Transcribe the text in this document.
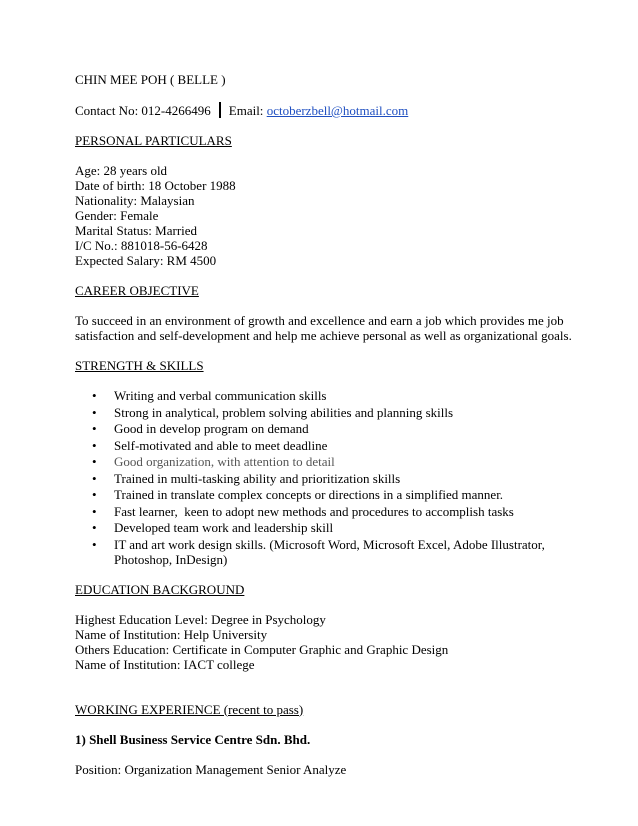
CHIN MEE POH ( BELLE )

Contact No: 012-4266496 Email: octoberzbell@hotmail.com

PERSONAL PARTICULARS

Age: 28 years old

Date of birth: 18 October 1988

Nationality: Malaysian

Gender: Female

Marital Status: Married

I/C No.: 881018-56-6428

Expected Salary: RM 4500

CAREER OBJECTIVE

To succeed in an environment of growth and excellence and earn a job which provides me job

satisfaction and self-development and help me achieve personal as well as organizational goals.

STRENGTH & SKILLS

• Writing and verbal communication skills
• Strong in analytical, problem solving abilities and planning skills
• Good in develop program on demand
• Self-motivated and able to meet deadline
• Good organization, with attention to detail
• Trained in multi-tasking ability and prioritization skills
• Trained in translate complex concepts or directions in a simplified manner.
• Fast learner,  keen to adopt new methods and procedures to accomplish tasks
• Developed team work and leadership skill
• IT and art work design skills. (Microsoft Word, Microsoft Excel, Adobe Illustrator,
Photoshop, InDesign)

EDUCATION BACKGROUND

Highest Education Level: Degree in Psychology

Name of Institution: Help University

Others Education: Certificate in Computer Graphic and Graphic Design

Name of Institution: IACT college

WORKING EXPERIENCE (recent to pass)

1) Shell Business Service Centre Sdn. Bhd.

Position: Organization Management Senior Analyze
